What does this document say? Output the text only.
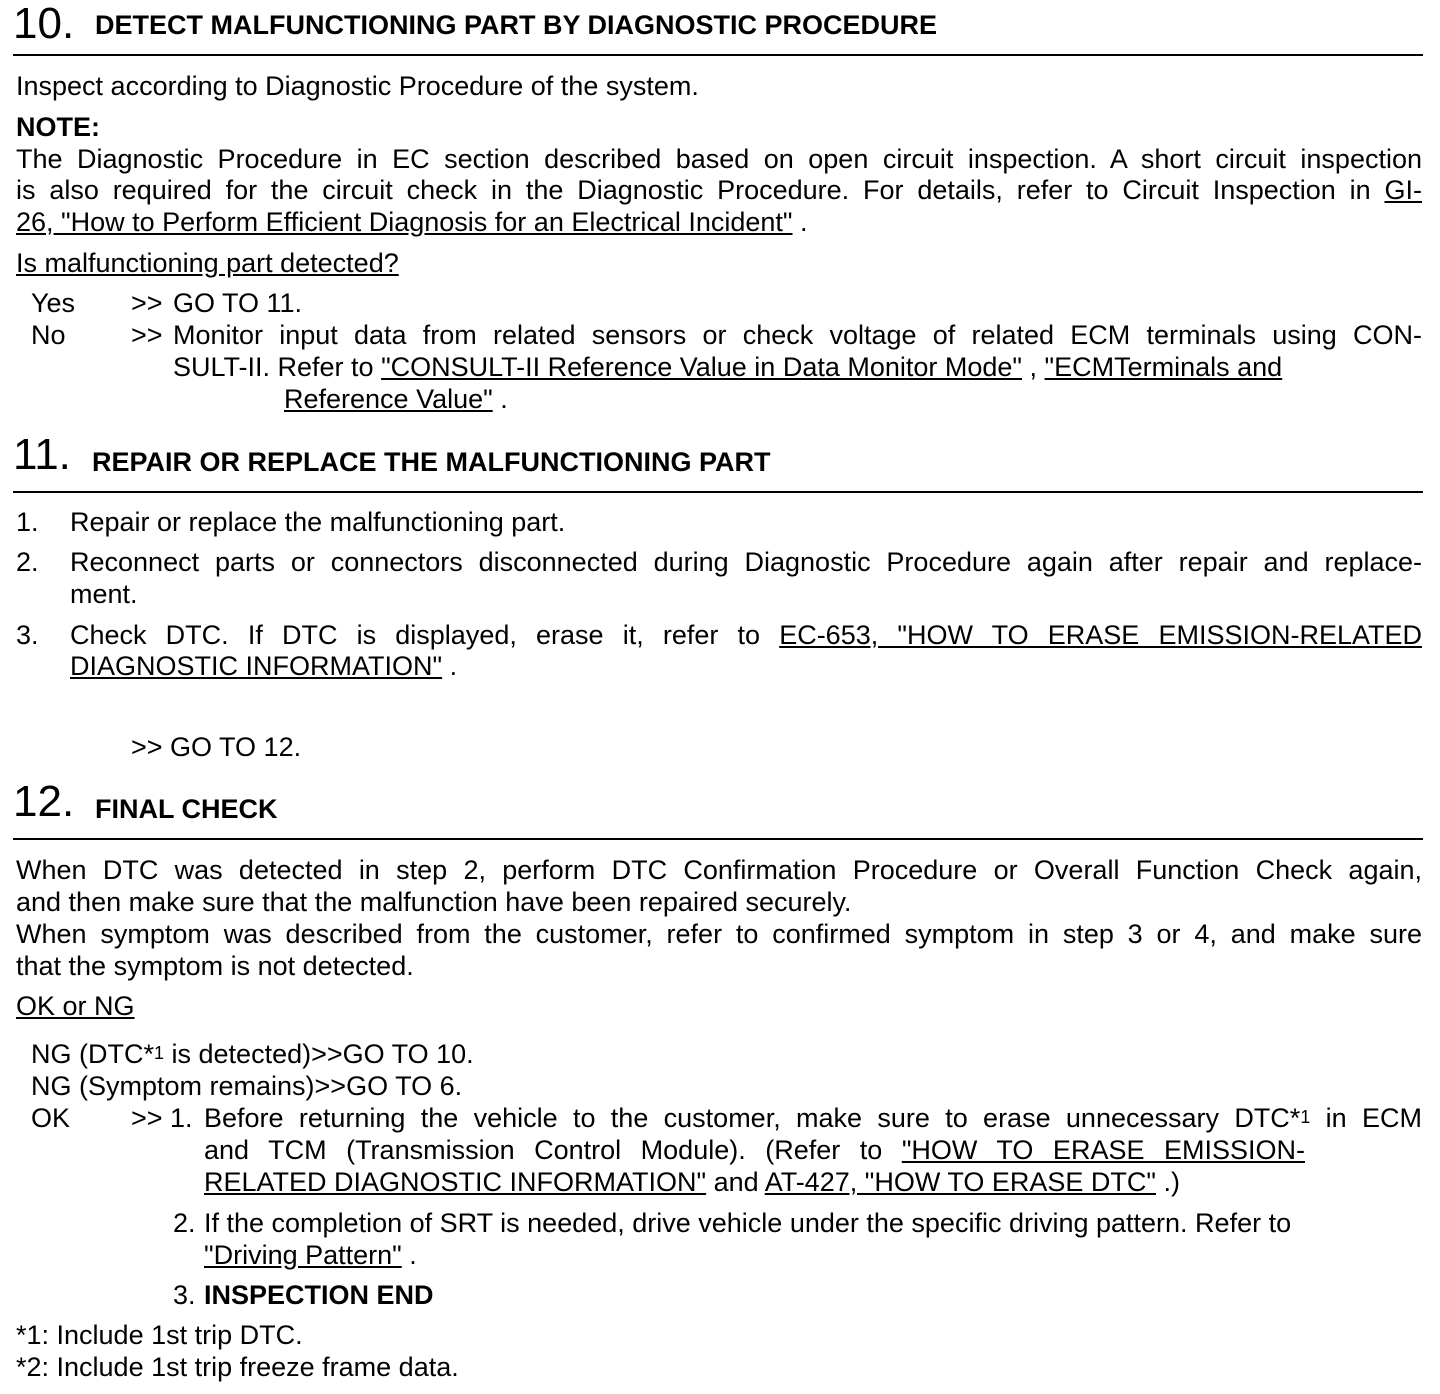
10. DETECT MALFUNCTIONING PART BY DIAGNOSTIC PROCEDURE
Inspect according to Diagnostic Procedure of the system.
NOTE:
The Diagnostic Procedure in EC section described based on open circuit inspection. A short circuit inspection
is also required for the circuit check in the Diagnostic Procedure. For details, refer to Circuit Inspection in GI-
26, "How to Perform Efficient Diagnosis for an Electrical Incident" .
Is malfunctioning part detected?
Yes >> GO TO 11.
No >> Monitor input data from related sensors or check voltage of related ECM terminals using CON-
SULT-II. Refer to "CONSULT-II Reference Value in Data Monitor Mode" , "ECMTerminals and
Reference Value" .
11. REPAIR OR REPLACE THE MALFUNCTIONING PART
1. Repair or replace the malfunctioning part.
2. Reconnect parts or connectors disconnected during Diagnostic Procedure again after repair and replace-
ment.
3. Check DTC. If DTC is displayed, erase it, refer to EC-653, "HOW TO ERASE EMISSION-RELATED
DIAGNOSTIC INFORMATION" .
>> GO TO 12.
12. FINAL CHECK
When DTC was detected in step 2, perform DTC Confirmation Procedure or Overall Function Check again,
and then make sure that the malfunction have been repaired securely.
When symptom was described from the customer, refer to confirmed symptom in step 3 or 4, and make sure
that the symptom is not detected.
OK or NG
NG (DTC*$^1$ is detected)>>GO TO 10.
NG (Symptom remains)>>GO TO 6.
OK >> 1. Before returning the vehicle to the customer, make sure to erase unnecessary DTC*$^1$ in ECM
and TCM (Transmission Control Module). (Refer to "HOW TO ERASE EMISSION-
RELATED DIAGNOSTIC INFORMATION" and AT-427, "HOW TO ERASE DTC" .)
2. If the completion of SRT is needed, drive vehicle under the specific driving pattern. Refer to
"Driving Pattern" .
3. INSPECTION END
*1: Include 1st trip DTC.
*2: Include 1st trip freeze frame data.
